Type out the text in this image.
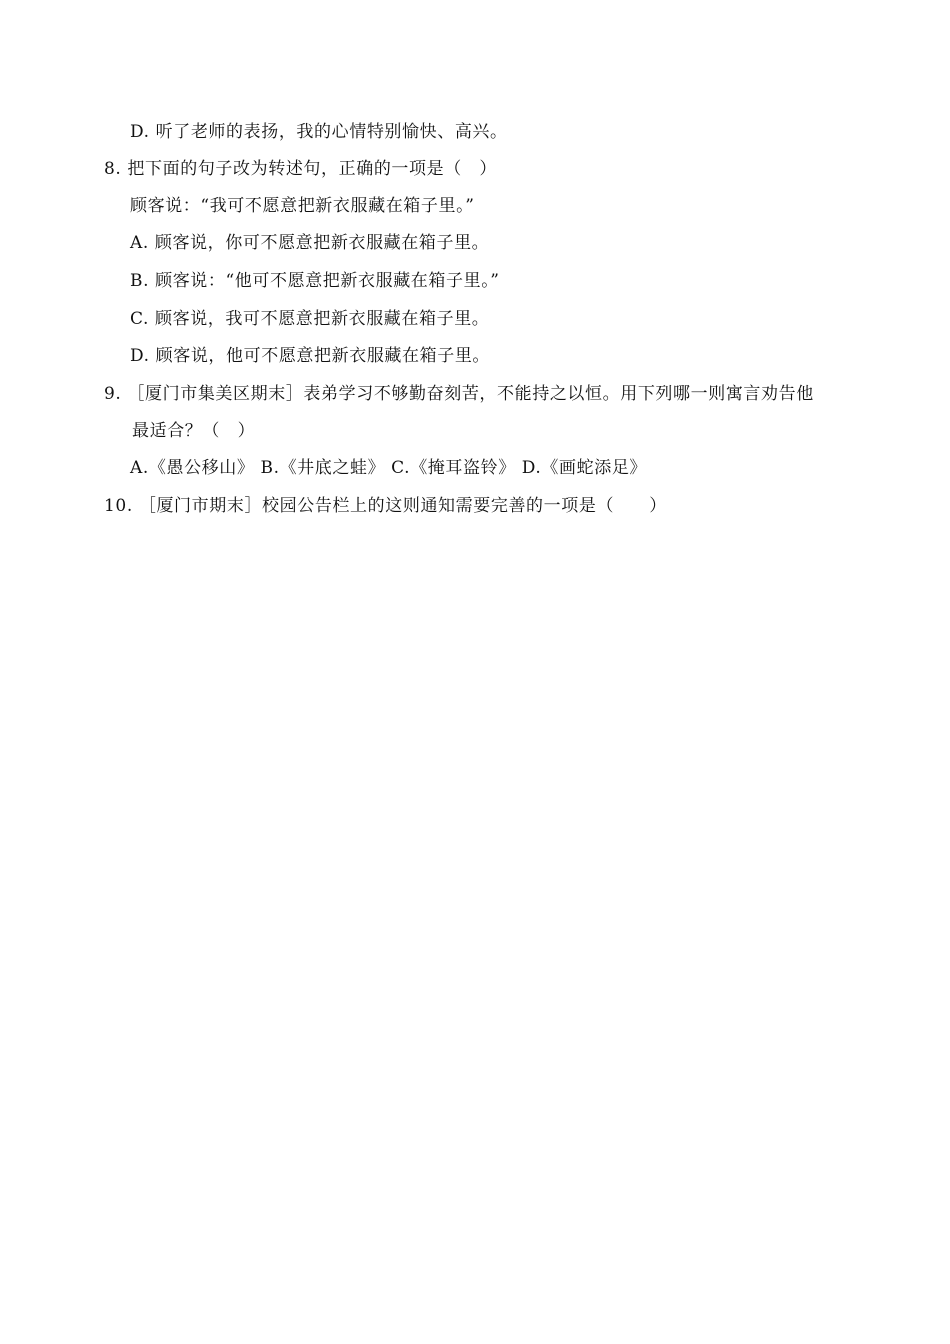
D. 听了老师的表扬，我的心情特别愉快、高兴。
8. 把下面的句子改为转述句，正确的一项是（　）
顾客说：“我可不愿意把新衣服藏在箱子里。”
A. 顾客说，你可不愿意把新衣服藏在箱子里。
B. 顾客说：“他可不愿意把新衣服藏在箱子里。”
C. 顾客说，我可不愿意把新衣服藏在箱子里。
D. 顾客说，他可不愿意把新衣服藏在箱子里。
9. ［厦门市集美区期末］表弟学习不够勤奋刻苦，不能持之以恒。用下列哪一则寓言劝告他
最适合？（　）
A.《愚公移山》 B.《井底之蛙》 C.《掩耳盗铃》 D.《画蛇添足》
10. ［厦门市期末］校园公告栏上的这则通知需要完善的一项是（　　）
